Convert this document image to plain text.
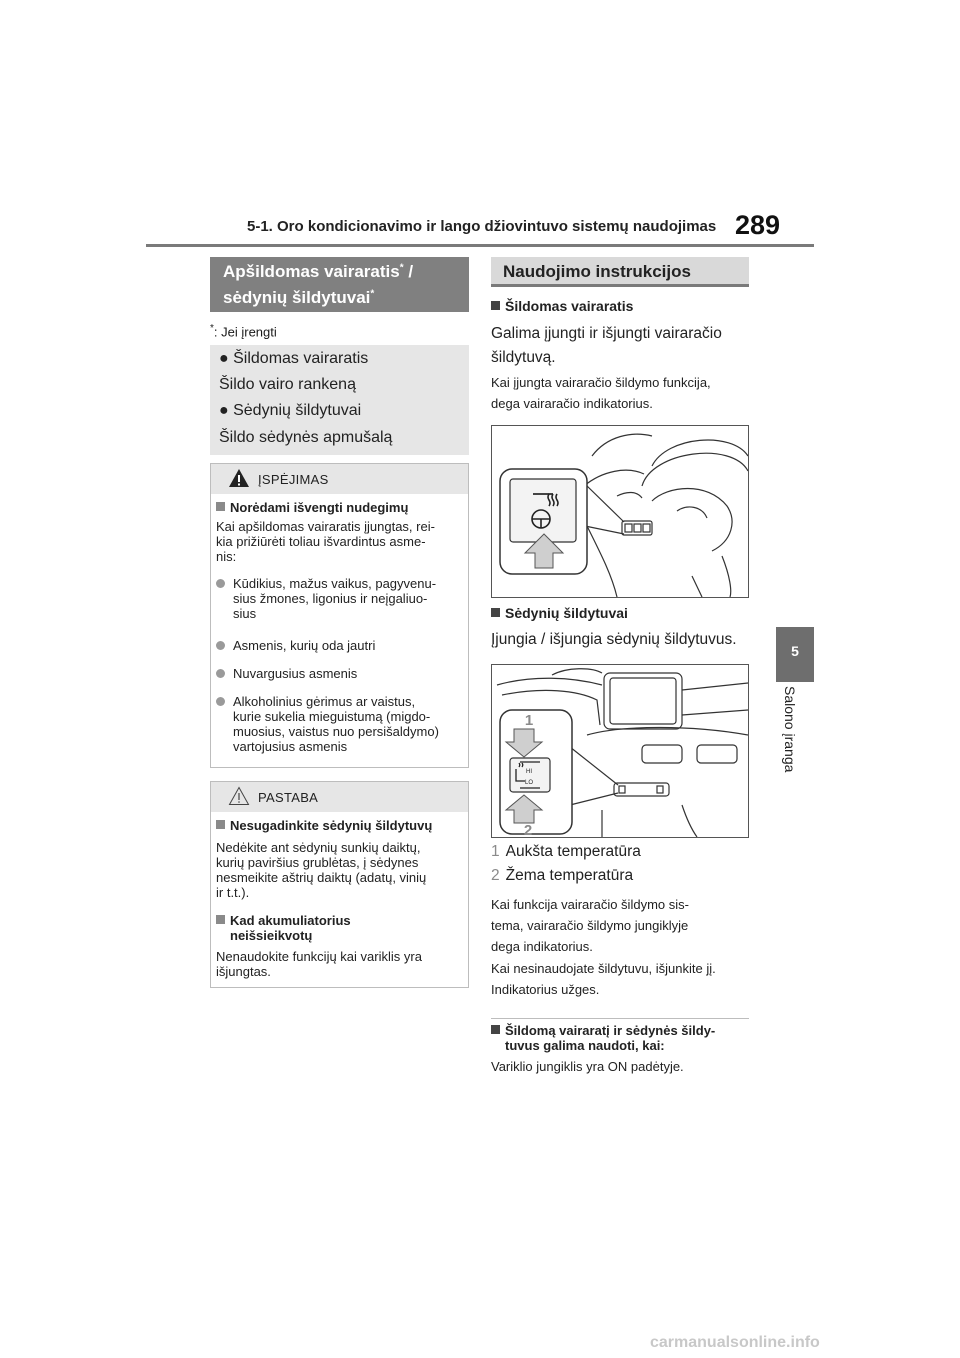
5-1. Oro kondicionavimo ir lango džiovintuvo sistemų naudojimas 289
5
Salono įranga
Apšildomas vairaratis* /
sėdynių šildytuvai*
*: Jei įrengti
● Šildomas vairaratis
Šildo vairo rankeną
● Sėdynių šildytuvai
Šildo sėdynės apmušalą
ĮSPĖJIMAS
Norėdami išvengti nudegimų
Kai apšildomas vairaratis įjungtas, rei-
kia prižiūrėti toliau išvardintus asme-
nis:
Kūdikius, mažus vaikus, pagyvenu-
sius žmones, ligonius ir neįgaliuo-
sius
Asmenis, kurių oda jautri
Nuvargusius asmenis
Alkoholinius gėrimus ar vaistus,
kurie sukelia mieguistumą (migdo-
muosius, vaistus nuo persišaldymo)
vartojusius asmenis
PASTABA
Nesugadinkite sėdynių šildytuvų
Nedėkite ant sėdynių sunkių daiktų,
kurių paviršius grublėtas, į sėdynes
nesmeikite aštrių daiktų (adatų, vinių
ir t.t.).
Kad akumuliatorius
neišsieikvotų
Nenaudokite funkcijų kai variklis yra
išjungtas.
Naudojimo instrukcijos
Šildomas vairaratis
Galima įjungti ir išjungti vairaračio
šildytuvą.
Kai įjungta vairaračio šildymo funkcija,
dega vairaračio indikatorius.
Sėdynių šildytuvai
Įjungia / išjungia sėdynių šildytuvus.
1
HI
LO
2
1 Aukšta temperatūra
2 Žema temperatūra
Kai funkcija vairaračio šildymo sis-
tema, vairaračio šildymo jungiklyje
dega indikatorius.
Kai nesinaudojate šildytuvu, išjunkite jį.
Indikatorius užges.
Šildomą vairaratį ir sėdynės šildy-
tuvus galima naudoti, kai:
Variklio jungiklis yra ON padėtyje.
carmanualsonline.info
